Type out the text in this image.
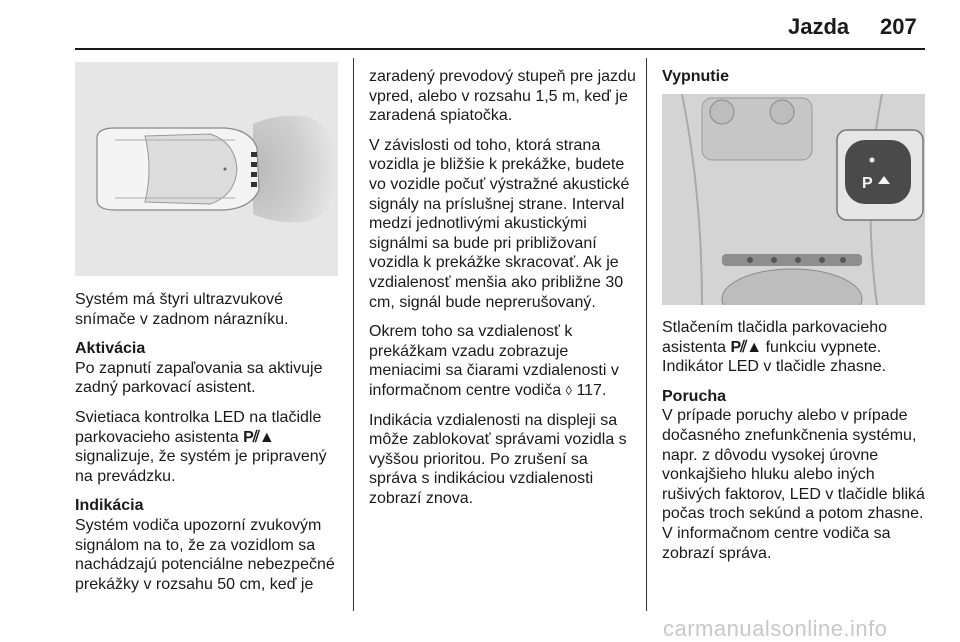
Jazda 207

Systém má štyri ultrazvukové snímače v zadnom nárazníku.

Aktivácia
Po zapnutí zapaľovania sa aktivuje zadný parkovací asistent.

Svietiaca kontrolka LED na tlačidle parkovacieho asistenta P⫽▲ signalizuje, že systém je pripravený na prevádzku.

Indikácia
Systém vodiča upozorní zvukovým signálom na to, že za vozidlom sa nachádzajú potenciálne nebezpečné prekážky v rozsahu 50 cm, keď je

zaradený prevodový stupeň pre jazdu vpred, alebo v rozsahu 1,5 m, keď je zaradená spiatočka.

V závislosti od toho, ktorá strana vozidla je bližšie k prekážke, budete vo vozidle počuť výstražné akustické signály na príslušnej strane. Interval medzi jednotlivými akustickými signálmi sa bude pri približovaní vozidla k prekážke skracovať. Ak je vzdialenosť menšia ako približne 30 cm, signál bude neprerušovaný.

Okrem toho sa vzdialenosť k prekážkam vzadu zobrazuje meniacimi sa čiarami vzdialenosti v informačnom centre vodiča ◊ 117.

Indikácia vzdialenosti na displeji sa môže zablokovať správami vozidla s vyššou prioritou. Po zrušení sa správa s indikáciou vzdialenosti zobrazí znova.

Vypnutie
P

Stlačením tlačidla parkovacieho asistenta P⫽▲ funkciu vypnete. Indikátor LED v tlačidle zhasne.

Porucha
V prípade poruchy alebo v prípade dočasného znefunkčnenia systému, napr. z dôvodu vysokej úrovne vonkajšieho hluku alebo iných rušivých faktorov, LED v tlačidle bliká počas troch sekúnd a potom zhasne. V informačnom centre vodiča sa zobrazí správa.

carmanualsonline.info
